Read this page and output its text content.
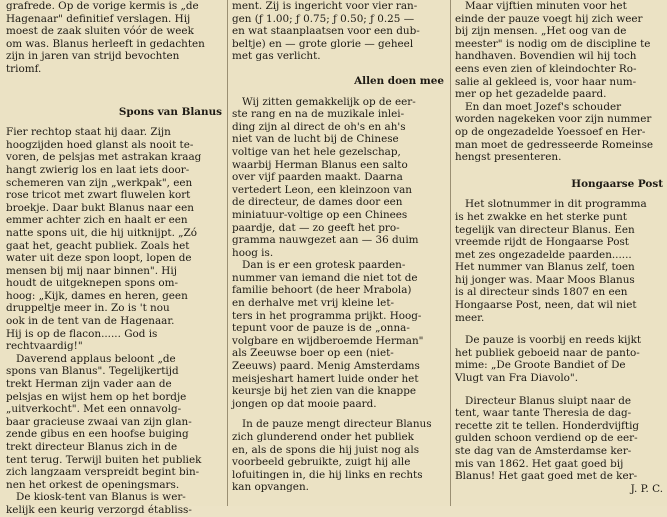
grafrede. Op de vorige kermis is „de
Hagenaar" definitief verslagen. Hij
moest de zaak sluiten vóór de week
om was. Blanus herleeft in gedachten
zijn in jaren van strijd bevochten
triomf.
Spons van Blanus
Fier rechtop staat hij daar. Zijn
hoogzijden hoed glanst als nooit te-
voren, de pelsjas met astrakan kraag
hangt zwierig los en laat iets door-
schemeren van zijn „werkpak", een
rose tricot met zwart fluwelen kort
broekje. Daar bukt Blanus naar een
emmer achter zich en haalt er een
natte spons uit, die hij uitknijpt. „Zó
gaat het, geacht publiek. Zoals het
water uit deze spon loopt, lopen de
mensen bij mij naar binnen". Hij
houdt de uitgeknepen spons om-
hoog: „Kijk, dames en heren, geen
druppeltje meer in. Zo is 't nou
ook in de tent van de Hagenaar.
Hij is op de flacon...... God is
rechtvaardig!"
Daverend applaus beloont „de
spons van Blanus". Tegelijkertijd
trekt Herman zijn vader aan de
pelsjas en wijst hem op het bordje
„uitverkocht". Met een onnavolg-
baar gracieuse zwaai van zijn glan-
zende gibus en een hoofse buiging
trekt directeur Blanus zich in de
tent terug. Terwijl buiten het publiek
zich langzaam verspreidt begint bin-
nen het orkest de openingsmars.
De kiosk-tent van Blanus is wer-
kelijk een keurig verzorgd établiss-
ment. Zij is ingericht voor vier ran-
gen (ƒ 1.00; ƒ 0.75; ƒ 0.50; ƒ 0.25 —
en wat staanplaatsen voor een dub-
beltje) en — grote glorie — geheel
met gas verlicht.
Allen doen mee
Wij zitten gemakkelijk op de eer-
ste rang en na de muzikale inlei-
ding zijn al direct de oh's en ah's
niet van de lucht bij de Chinese
voltige van het hele gezelschap,
waarbij Herman Blanus een salto
over vijf paarden maakt. Daarna
vertedert Leon, een kleinzoon van
de directeur, de dames door een
miniatuur-voltige op een Chinees
paardje, dat — zo geeft het pro-
gramma nauwgezet aan — 36 duim
hoog is.
Dan is er een grotesk paarden-
nummer van iemand die niet tot de
familie behoort (de heer Mrabola)
en derhalve met vrij kleine let-
ters in het programma prijkt. Hoog-
tepunt voor de pauze is de „onna-
volgbare en wijdberoemde Herman"
als Zeeuwse boer op een (niet-
Zeeuws) paard. Menig Amsterdams
meisjeshart hamert luide onder het
keursje bij het zien van die knappe
jongen op dat mooie paard.
In de pauze mengt directeur Blanus
zich glunderend onder het publiek
en, als de spons die hij juist nog als
voorbeeld gebruikte, zuigt hij alle
lofuitingen in, die hij links en rechts
kan opvangen.
Maar vijftien minuten voor het
einde der pauze voegt hij zich weer
bij zijn mensen. „Het oog van de
meester" is nodig om de discipline te
handhaven. Bovendien wil hij toch
eens even zien of kleindochter Ro-
salie al gekleed is, voor haar num-
mer op het gezadelde paard.
En dan moet Jozef's schouder
worden nagekeken voor zijn nummer
op de ongezadelde Yoessoef en Her-
man moet de gedresseerde Romeinse
hengst presenteren.
Hongaarse Post
Het slotnummer in dit programma
is het zwakke en het sterke punt
tegelijk van directeur Blanus. Een
vreemde rijdt de Hongaarse Post
met zes ongezadelde paarden......
Het nummer van Blanus zelf, toen
hij jonger was. Maar Moos Blanus
is al directeur sinds 1807 en een
Hongaarse Post, neen, dat wil niet
meer.
De pauze is voorbij en reeds kijkt
het publiek geboeid naar de panto-
mime: „De Groote Bandiet of De
Vlugt van Fra Diavolo".
Directeur Blanus sluipt naar de
tent, waar tante Theresia de dag-
recette zit te tellen. Honderdvijftig
gulden schoon verdiend op de eer-
ste dag van de Amsterdamse ker-
mis van 1862. Het gaat goed bij
Blanus! Het gaat goed met de ker-
J. P. C.
